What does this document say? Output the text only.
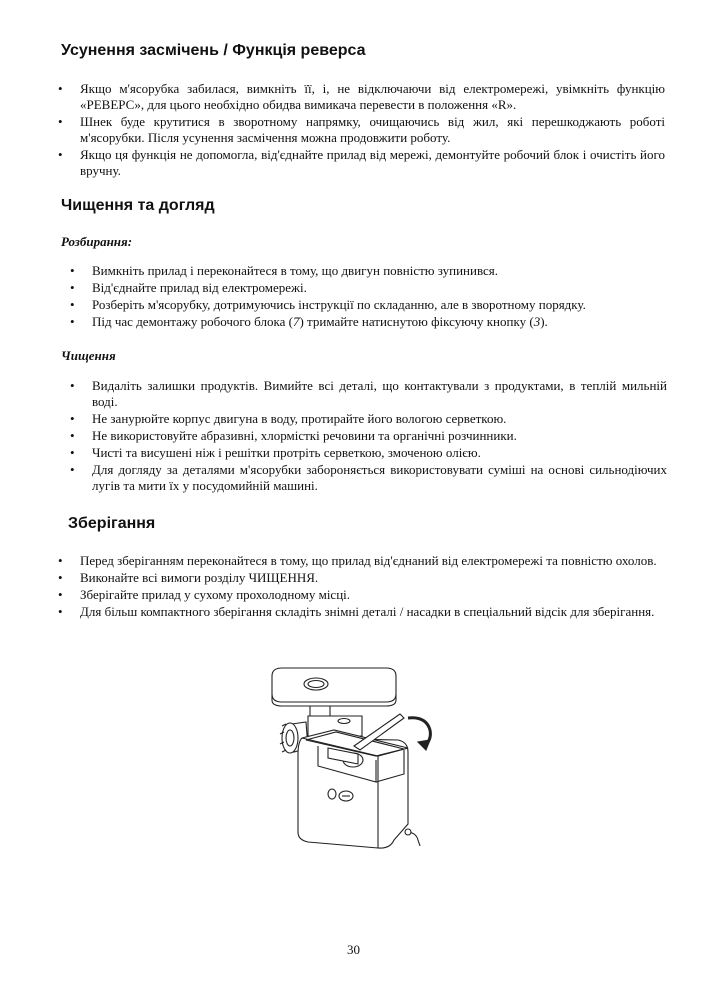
Усунення засмічень / Функція реверса
• Якщо м'ясорубка забилася, вимкніть її, і, не відключаючи від електромережі, увімкніть функцію «РЕВЕРС», для цього необхідно обидва вимикача перевести в положення «R».
• Шнек буде крутитися в зворотному напрямку, очищаючись від жил, які перешкоджають роботі м'ясорубки. Після усунення засмічення можна продовжити роботу.
• Якщо ця функція не допомогла, від'єднайте прилад від мережі, демонтуйте робочий блок і очистіть його вручну.
Чищення та догляд
Розбирання:
• Вимкніть прилад і переконайтеся в тому, що двигун повністю зупинився.
• Від'єднайте прилад від електромережі.
• Розберіть м'ясорубку, дотримуючись інструкції по складанню, але в зворотному порядку.
• Під час демонтажу робочого блока (7) тримайте натиснутою фіксуючу кнопку (3).
Чищення
• Видаліть залишки продуктів. Вимийте всі деталі, що контактували з продуктами, в теплій мильній воді.
• Не занурюйте корпус двигуна в воду, протирайте його вологою серветкою.
• Не використовуйте абразивні, хлормісткі речовини та органічні розчинники.
• Чисті та висушені ніж і решітки протріть серветкою, змоченою олією.
• Для догляду за деталями м'ясорубки забороняється використовувати суміші на основі сильнодіючих лугів та мити їх у посудомийній машині.
Зберігання
• Перед зберіганням переконайтеся в тому, що прилад від'єднаний від електромережі та повністю охолов.
• Виконайте всі вимоги розділу ЧИЩЕННЯ.
• Зберігайте прилад у сухому прохолодному місці.
• Для більш компактного зберігання складіть знімні деталі / насадки в спеціальний відсік для зберігання.
30
